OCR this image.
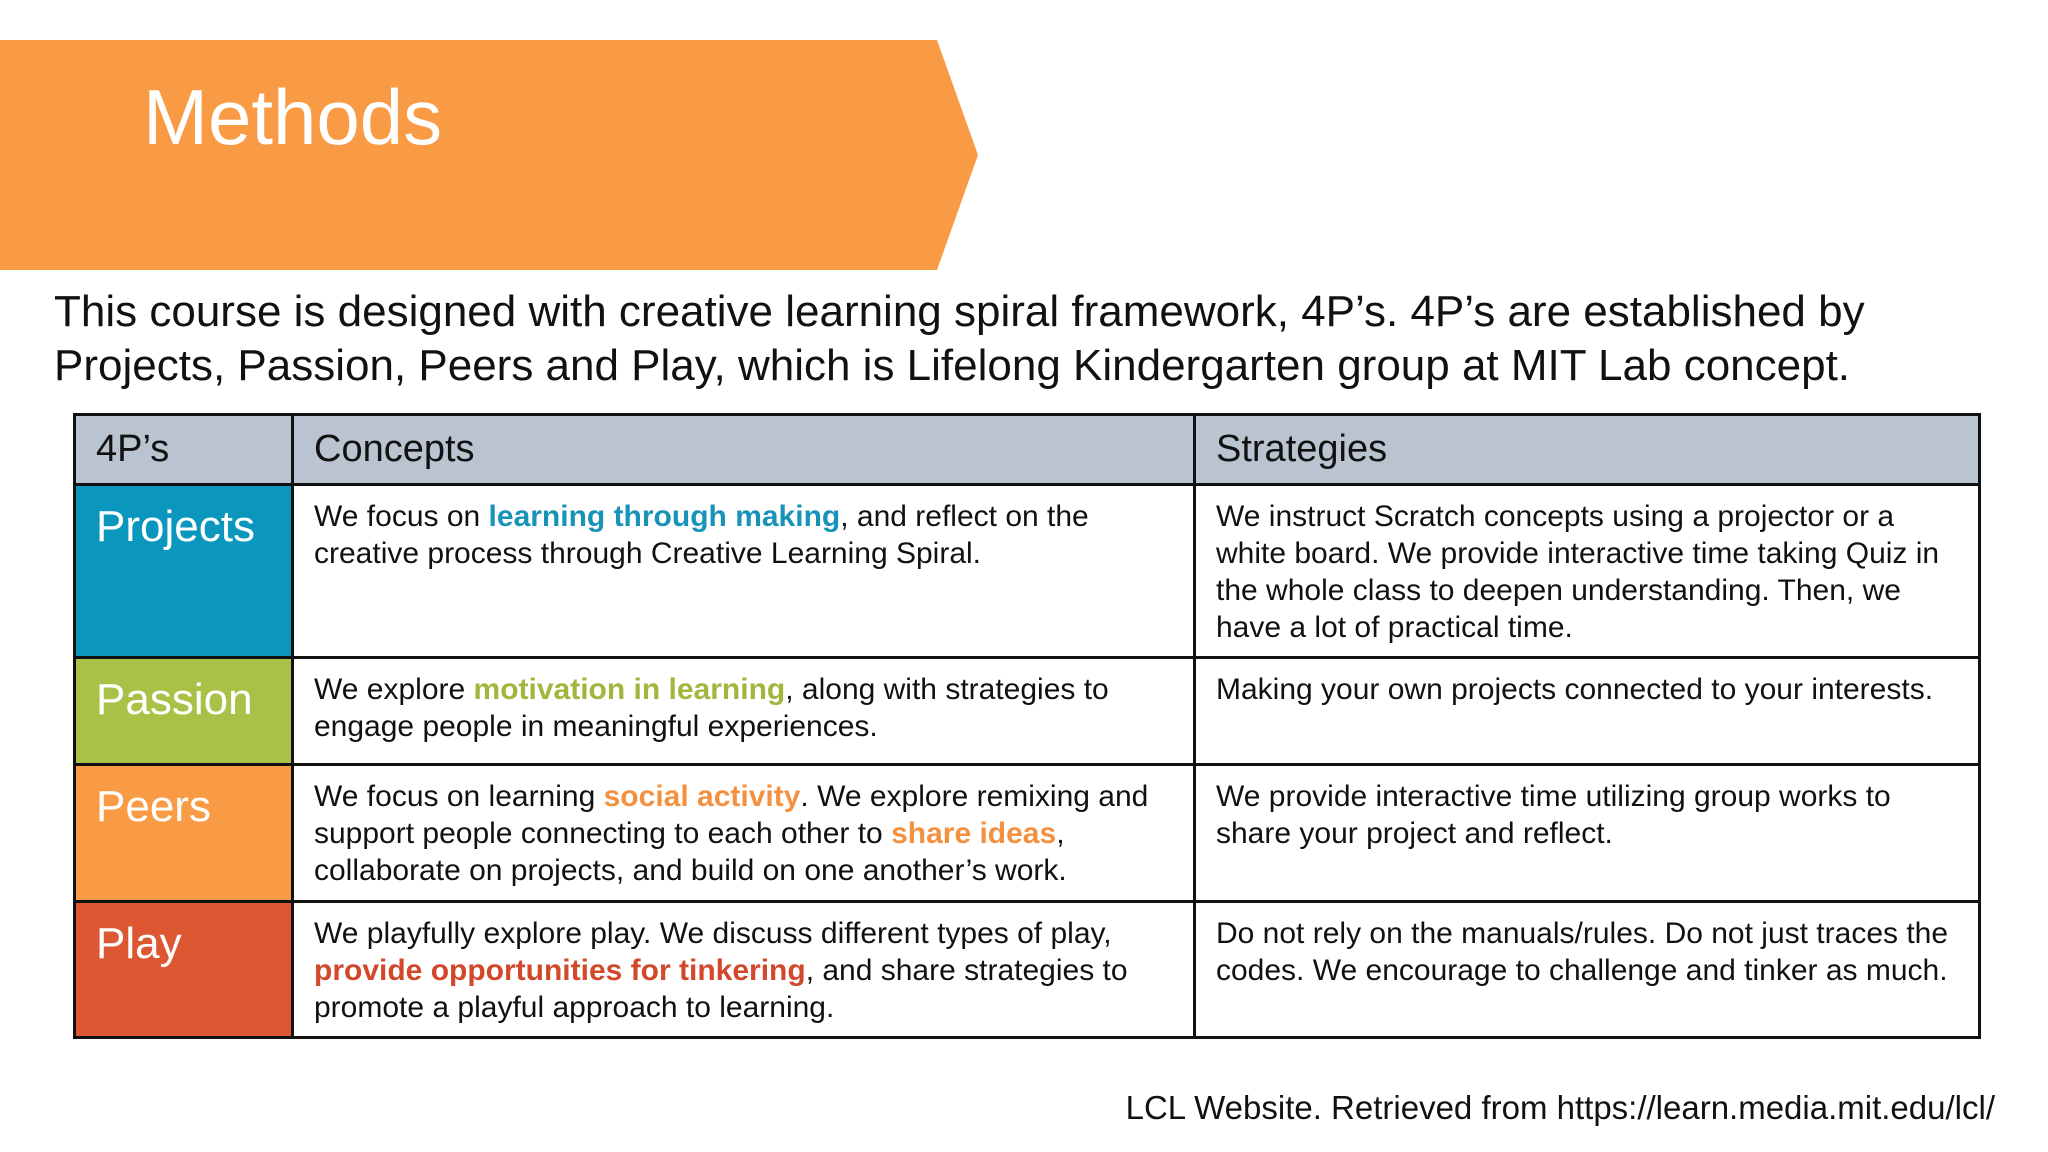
Methods
This course is designed with creative learning spiral framework, 4P’s. 4P’s are established by Projects, Passion, Peers and Play, which is Lifelong Kindergarten group at MIT Lab concept.
4P’s	Concepts	Strategies
Projects	We focus on learning through making, and reflect on the creative process through Creative Learning Spiral.	We instruct Scratch concepts using a projector or a white board. We provide interactive time taking Quiz in the whole class to deepen understanding. Then, we have a lot of practical time.
Passion	We explore motivation in learning, along with strategies to engage people in meaningful experiences.	Making your own projects connected to your interests.
Peers	We focus on learning social activity. We explore remixing and support people connecting to each other to share ideas, collaborate on projects, and build on one another’s work.	We provide interactive time utilizing group works to share your project and reflect.
Play	We playfully explore play. We discuss different types of play, provide opportunities for tinkering, and share strategies to promote a playful approach to learning.	Do not rely on the manuals/rules. Do not just traces the codes. We encourage to challenge and tinker as much.
LCL Website. Retrieved from https://learn.media.mit.edu/lcl/
